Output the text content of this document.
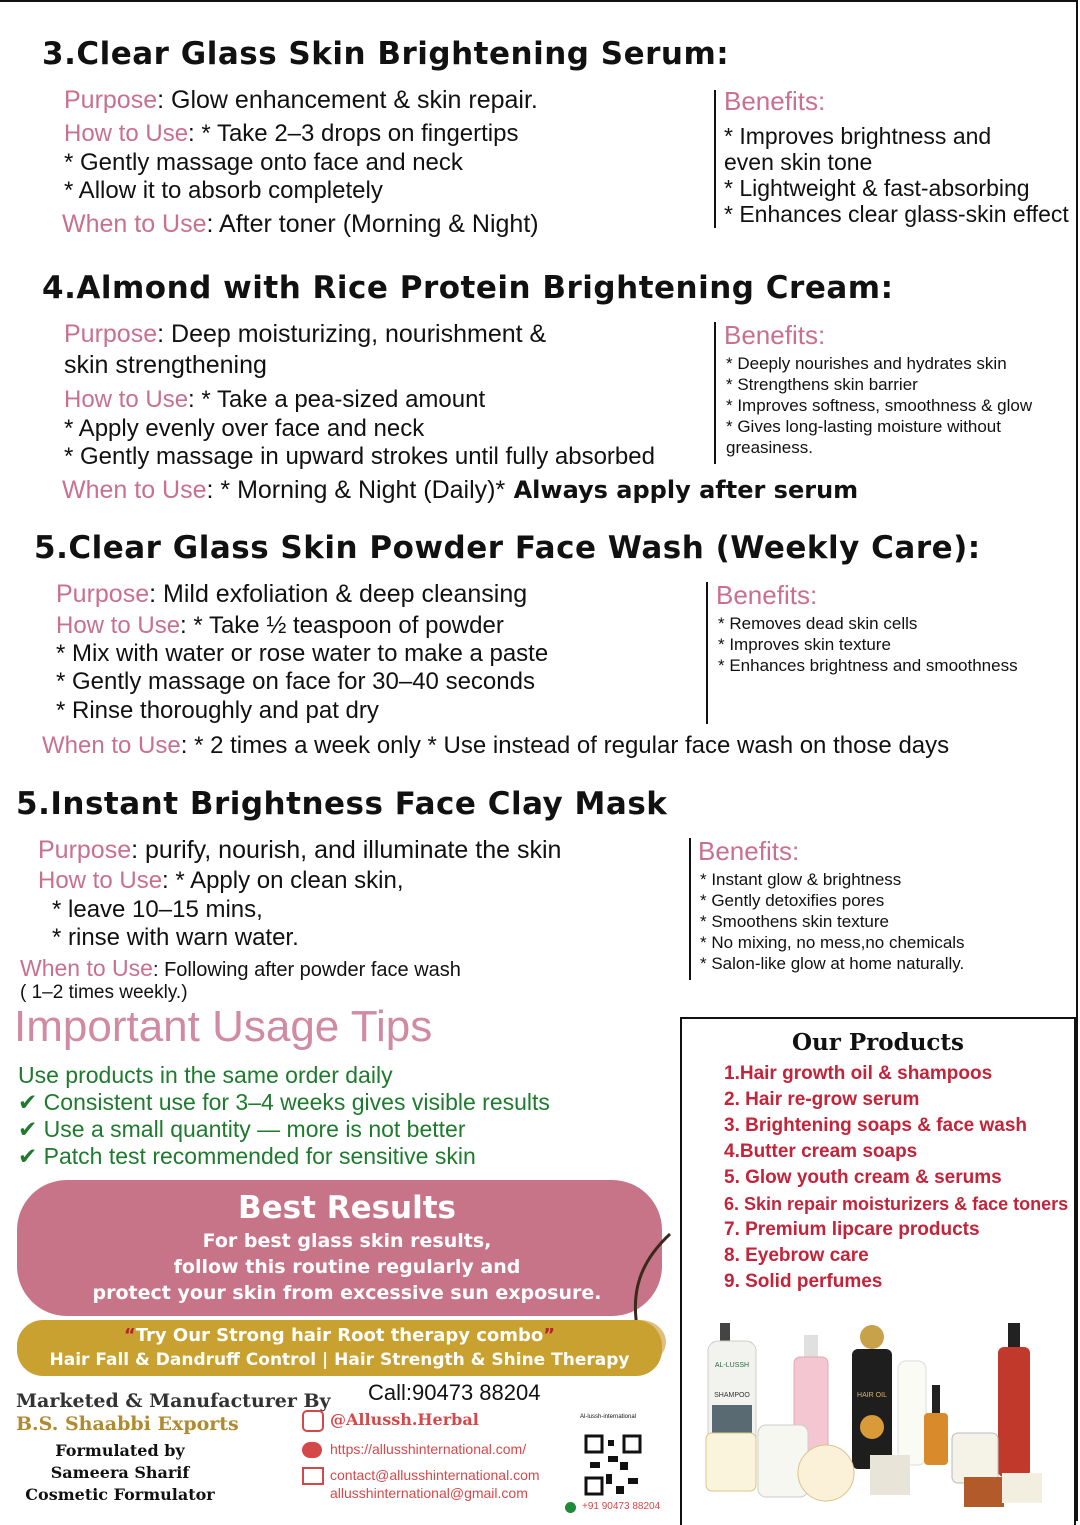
3.Clear Glass Skin Brightening Serum:
Purpose: Glow enhancement & skin repair.
How to Use: * Take 2–3 drops on fingertips
* Gently massage onto face and neck
* Allow it to absorb completely
When to Use: After toner (Morning & Night)
Benefits:
* Improves brightness and
even skin tone
* Lightweight & fast-absorbing
* Enhances clear glass-skin effect
4.Almond with Rice Protein Brightening Cream:
Purpose: Deep moisturizing, nourishment &
skin strengthening
How to Use: * Take a pea-sized amount
* Apply evenly over face and neck
* Gently massage in upward strokes until fully absorbed
When to Use: * Morning & Night (Daily)* Always apply after serum
Benefits:
* Deeply nourishes and hydrates skin
* Strengthens skin barrier
* Improves softness, smoothness & glow
* Gives long-lasting moisture without
greasiness.
5.Clear Glass Skin Powder Face Wash (Weekly Care):
Purpose: Mild exfoliation & deep cleansing
How to Use: * Take ½ teaspoon of powder
* Mix with water or rose water to make a paste
* Gently massage on face for 30–40 seconds
* Rinse thoroughly and pat dry
When to Use: * 2 times a week only * Use instead of regular face wash on those days
Benefits:
* Removes dead skin cells
* Improves skin texture
* Enhances brightness and smoothness
5.Instant Brightness Face Clay Mask
Purpose: purify, nourish, and illuminate the skin
How to Use: * Apply on clean skin,
* leave 10–15 mins,
* rinse with warn water.
When to Use: Following after powder face wash
( 1–2 times weekly.)
Benefits:
* Instant glow & brightness
* Gently detoxifies pores
* Smoothens skin texture
* No mixing, no mess,no chemicals
* Salon-like glow at home naturally.
Important Usage Tips
Use products in the same order daily
✔ Consistent use for 3–4 weeks gives visible results
✔ Use a small quantity — more is not better
✔ Patch test recommended for sensitive skin
Best Results
For best glass skin results,
follow this routine regularly and
protect your skin from excessive sun exposure.
“Try Our Strong hair Root therapy combo”
Hair Fall & Dandruff Control | Hair Strength & Shine Therapy
Marketed & Manufacturer By
B.S. Shaabbi Exports
Formulated by
Sameera Sharif
Cosmetic Formulator
Call:90473 88204
@Allussh.Herbal
https://allusshinternational.com/
contact@allusshinternational.com
allusshinternational@gmail.com
Al-lussh-international
+91 90473 88204
Our Products
1.Hair growth oil & shampoos
2. Hair re-grow serum
3. Brightening soaps & face wash
4.Butter cream soaps
5. Glow youth cream & serums
6. Skin repair moisturizers & face toners
7. Premium lipcare products
8. Eyebrow care
9. Solid perfumes
AL-LUSSH
SHAMPOO	HAIR OIL
